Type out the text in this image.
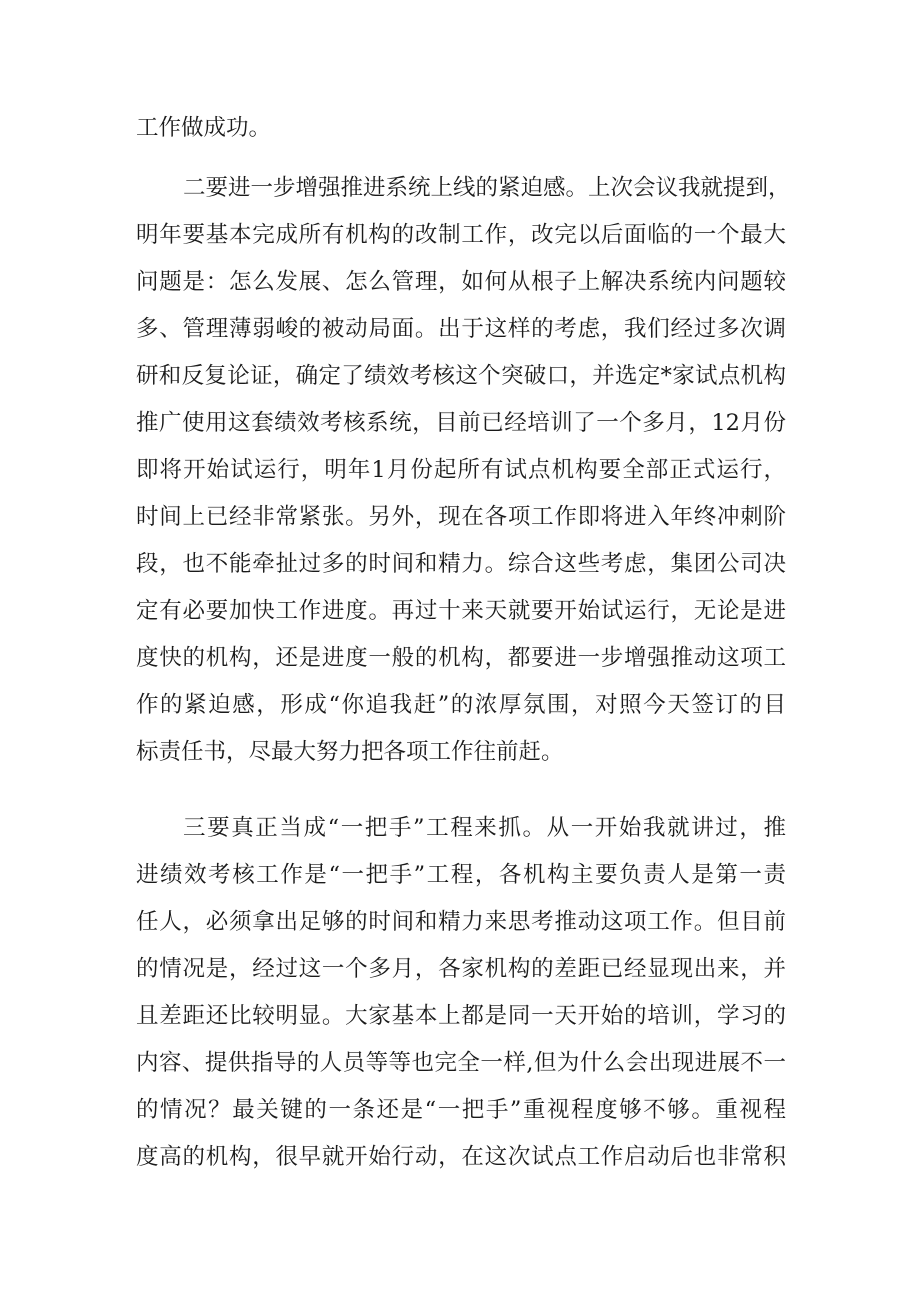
工作做成功。
二要进一步增强推进系统上线的紧迫感。上次会议我就提到，
明年要基本完成所有机构的改制工作，改完以后面临的一个最大
问题是：怎么发展、怎么管理，如何从根子上解决系统内问题较
多、管理薄弱峻的被动局面。出于这样的考虑，我们经过多次调
研和反复论证，确定了绩效考核这个突破口，并选定*家试点机构
推广使用这套绩效考核系统，目前已经培训了一个多月，12月份
即将开始试运行，明年1月份起所有试点机构要全部正式运行，
时间上已经非常紧张。另外，现在各项工作即将进入年终冲刺阶
段，也不能牵扯过多的时间和精力。综合这些考虑，集团公司决
定有必要加快工作进度。再过十来天就要开始试运行，无论是进
度快的机构，还是进度一般的机构，都要进一步增强推动这项工
作的紧迫感，形成“你追我赶”的浓厚氛围，对照今天签订的目
标责任书，尽最大努力把各项工作往前赶。
三要真正当成“一把手”工程来抓。从一开始我就讲过，推
进绩效考核工作是“一把手”工程，各机构主要负责人是第一责
任人，必须拿出足够的时间和精力来思考推动这项工作。但目前
的情况是，经过这一个多月，各家机构的差距已经显现出来，并
且差距还比较明显。大家基本上都是同一天开始的培训，学习的
内容、提供指导的人员等等也完全一样,但为什么会出现进展不一
的情况？最关键的一条还是“一把手”重视程度够不够。重视程
度高的机构，很早就开始行动，在这次试点工作启动后也非常积
